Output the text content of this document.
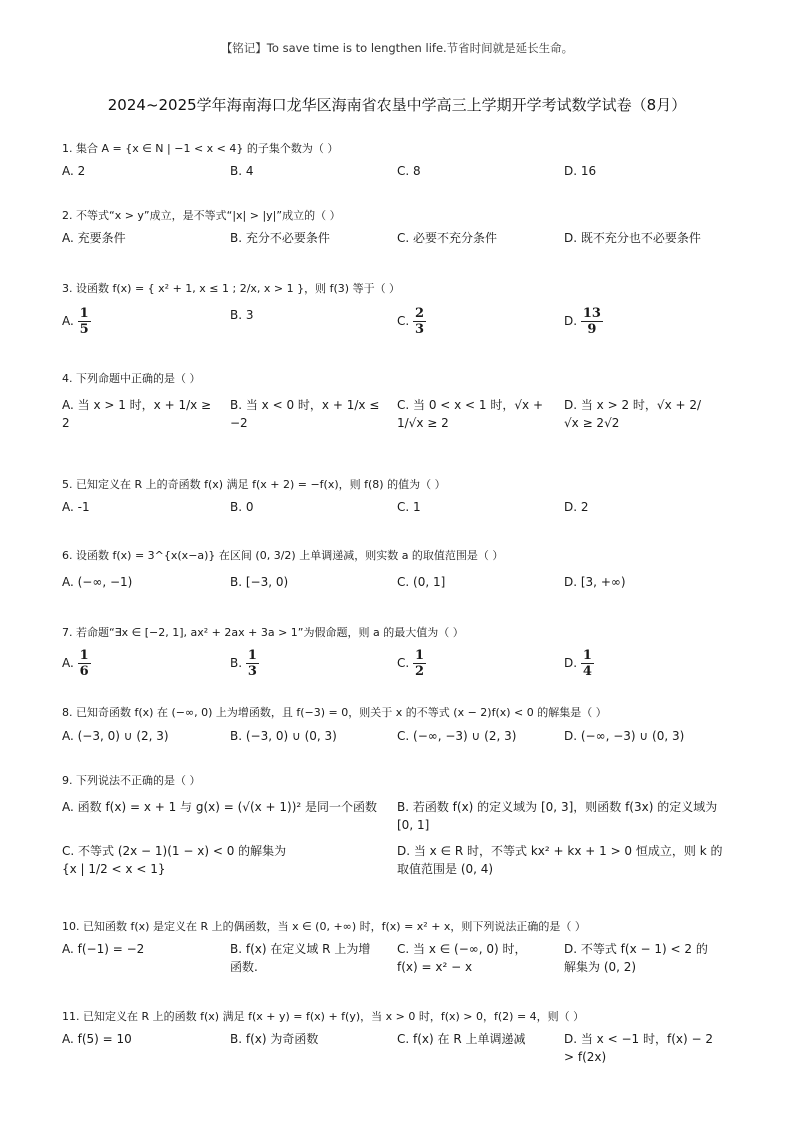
【铭记】To save time is to lengthen life.节省时间就是延长生命。
2024~2025学年海南海口龙华区海南省农垦中学高三上学期开学考试数学试卷（8月）
1. 集合 A = {x ∈ N | −1 < x < 4} 的子集个数为（ ）
A. 2	B. 4	C. 8	D. 16
2. 不等式“x > y”成立，是不等式“|x| > |y|”成立的（ ）
A. 充要条件	B. 充分不必要条件	C. 必要不充分条件	D. 既不充分也不必要条件
3. 设函数 f(x) = { x² + 1, x ≤ 1 ; 2/x, x > 1 }，则 f(3) 等于（ ）
A. $\frac{1}{5}$	B. 3	C. $\frac{2}{3}$	D. $\frac{13}{9}$
4. 下列命题中正确的是（ ）
A. 当 x > 1 时，x + 1/x ≥ 2
B. 当 x < 0 时，x + 1/x ≤ −2
C. 当 0 < x < 1 时，√x + 1/√x ≥ 2
D. 当 x > 2 时，√x + 2/√x ≥ 2√2
5. 已知定义在 R 上的奇函数 f(x) 满足 f(x + 2) = −f(x)，则 f(8) 的值为（ ）
A. -1	B. 0	C. 1	D. 2
6. 设函数 f(x) = 3^{x(x−a)} 在区间 (0, 3/2) 上单调递减，则实数 a 的取值范围是（ ）
A. (−∞, −1)	B. [−3, 0)	C. (0, 1]	D. [3, +∞)
7. 若命题“∃x ∈ [−2, 1], ax² + 2ax + 3a > 1”为假命题，则 a 的最大值为（ ）
A. $\frac{1}{6}$	B. $\frac{1}{3}$	C. $\frac{1}{2}$	D. $\frac{1}{4}$
8. 已知奇函数 f(x) 在 (−∞, 0) 上为增函数，且 f(−3) = 0，则关于 x 的不等式 (x − 2)f(x) < 0 的解集是（ ）
A. (−3, 0) ∪ (2, 3)	B. (−3, 0) ∪ (0, 3)	C. (−∞, −3) ∪ (2, 3)	D. (−∞, −3) ∪ (0, 3)
9. 下列说法不正确的是（ ）
A. 函数 f(x) = x + 1 与 g(x) = (√(x + 1))² 是同一个函数	B. 若函数 f(x) 的定义域为 [0, 3]，则函数 f(3x) 的定义域为 [0, 1]
C. 不等式 (2x − 1)(1 − x) < 0 的解集为 {x | 1/2 < x < 1}
D. 当 x ∈ R 时，不等式 kx² + kx + 1 > 0 恒成立，则 k 的取值范围是 (0, 4)
10. 已知函数 f(x) 是定义在 R 上的偶函数，当 x ∈ (0, +∞) 时，f(x) = x² + x，则下列说法正确的是（ ）
A. f(−1) = −2	B. f(x) 在定义域 R 上为增函数.
C. 当 x ∈ (−∞, 0) 时，f(x) = x² − x
D. 不等式 f(x − 1) < 2 的解集为 (0, 2)
11. 已知定义在 R 上的函数 f(x) 满足 f(x + y) = f(x) + f(y)，当 x > 0 时，f(x) > 0，f(2) = 4，则（ ）
A. f(5) = 10	B. f(x) 为奇函数	C. f(x) 在 R 上单调递减	D. 当 x < −1 时，f(x) − 2 > f(2x)
